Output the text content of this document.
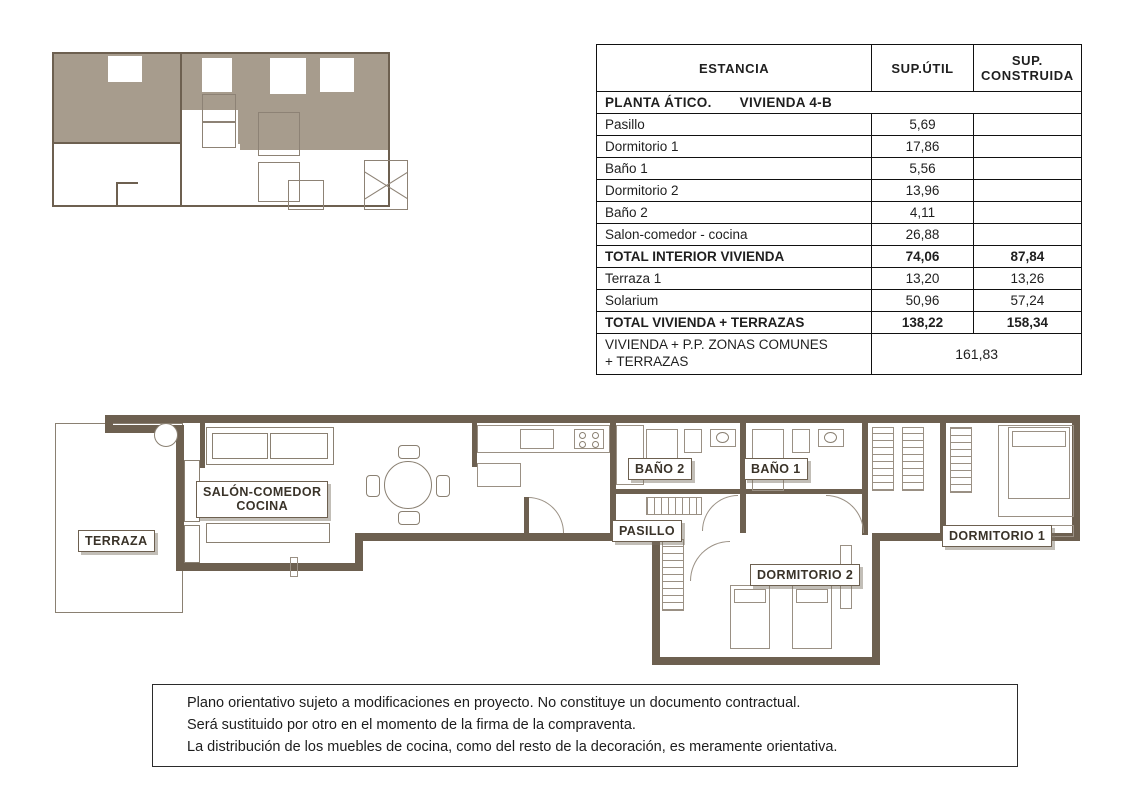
ESTANCIA	SUP.ÚTIL	SUP.
CONSTRUIDA

PLANTA ÁTICO. VIVIENDA 4-B		

Pasillo	5,69	
Dormitorio 1	17,86	
Baño 1	5,56	
Dormitorio 2	13,96	
Baño 2	4,11	
Salon-comedor - cocina	26,88	
TOTAL INTERIOR VIVIENDA	74,06	87,84
Terraza 1	13,20	13,26
Solarium	50,96	57,24
TOTAL VIVIENDA + TERRAZAS	138,22	158,34
VIVIENDA + P.P. ZONAS COMUNES
+ TERRAZAS	161,83	
TERRAZA
SALÓN-COMEDOR
COCINA
BAÑO 2	BAÑO 1
PASILLO	DORMITORIO 1
DORMITORIO 2
Plano orientativo sujeto a modificaciones en proyecto. No constituye un documento contractual.
Será sustituido por otro en el momento de la firma de la compraventa.
La distribución de los muebles de cocina, como del resto de la decoración, es meramente orientativa.
